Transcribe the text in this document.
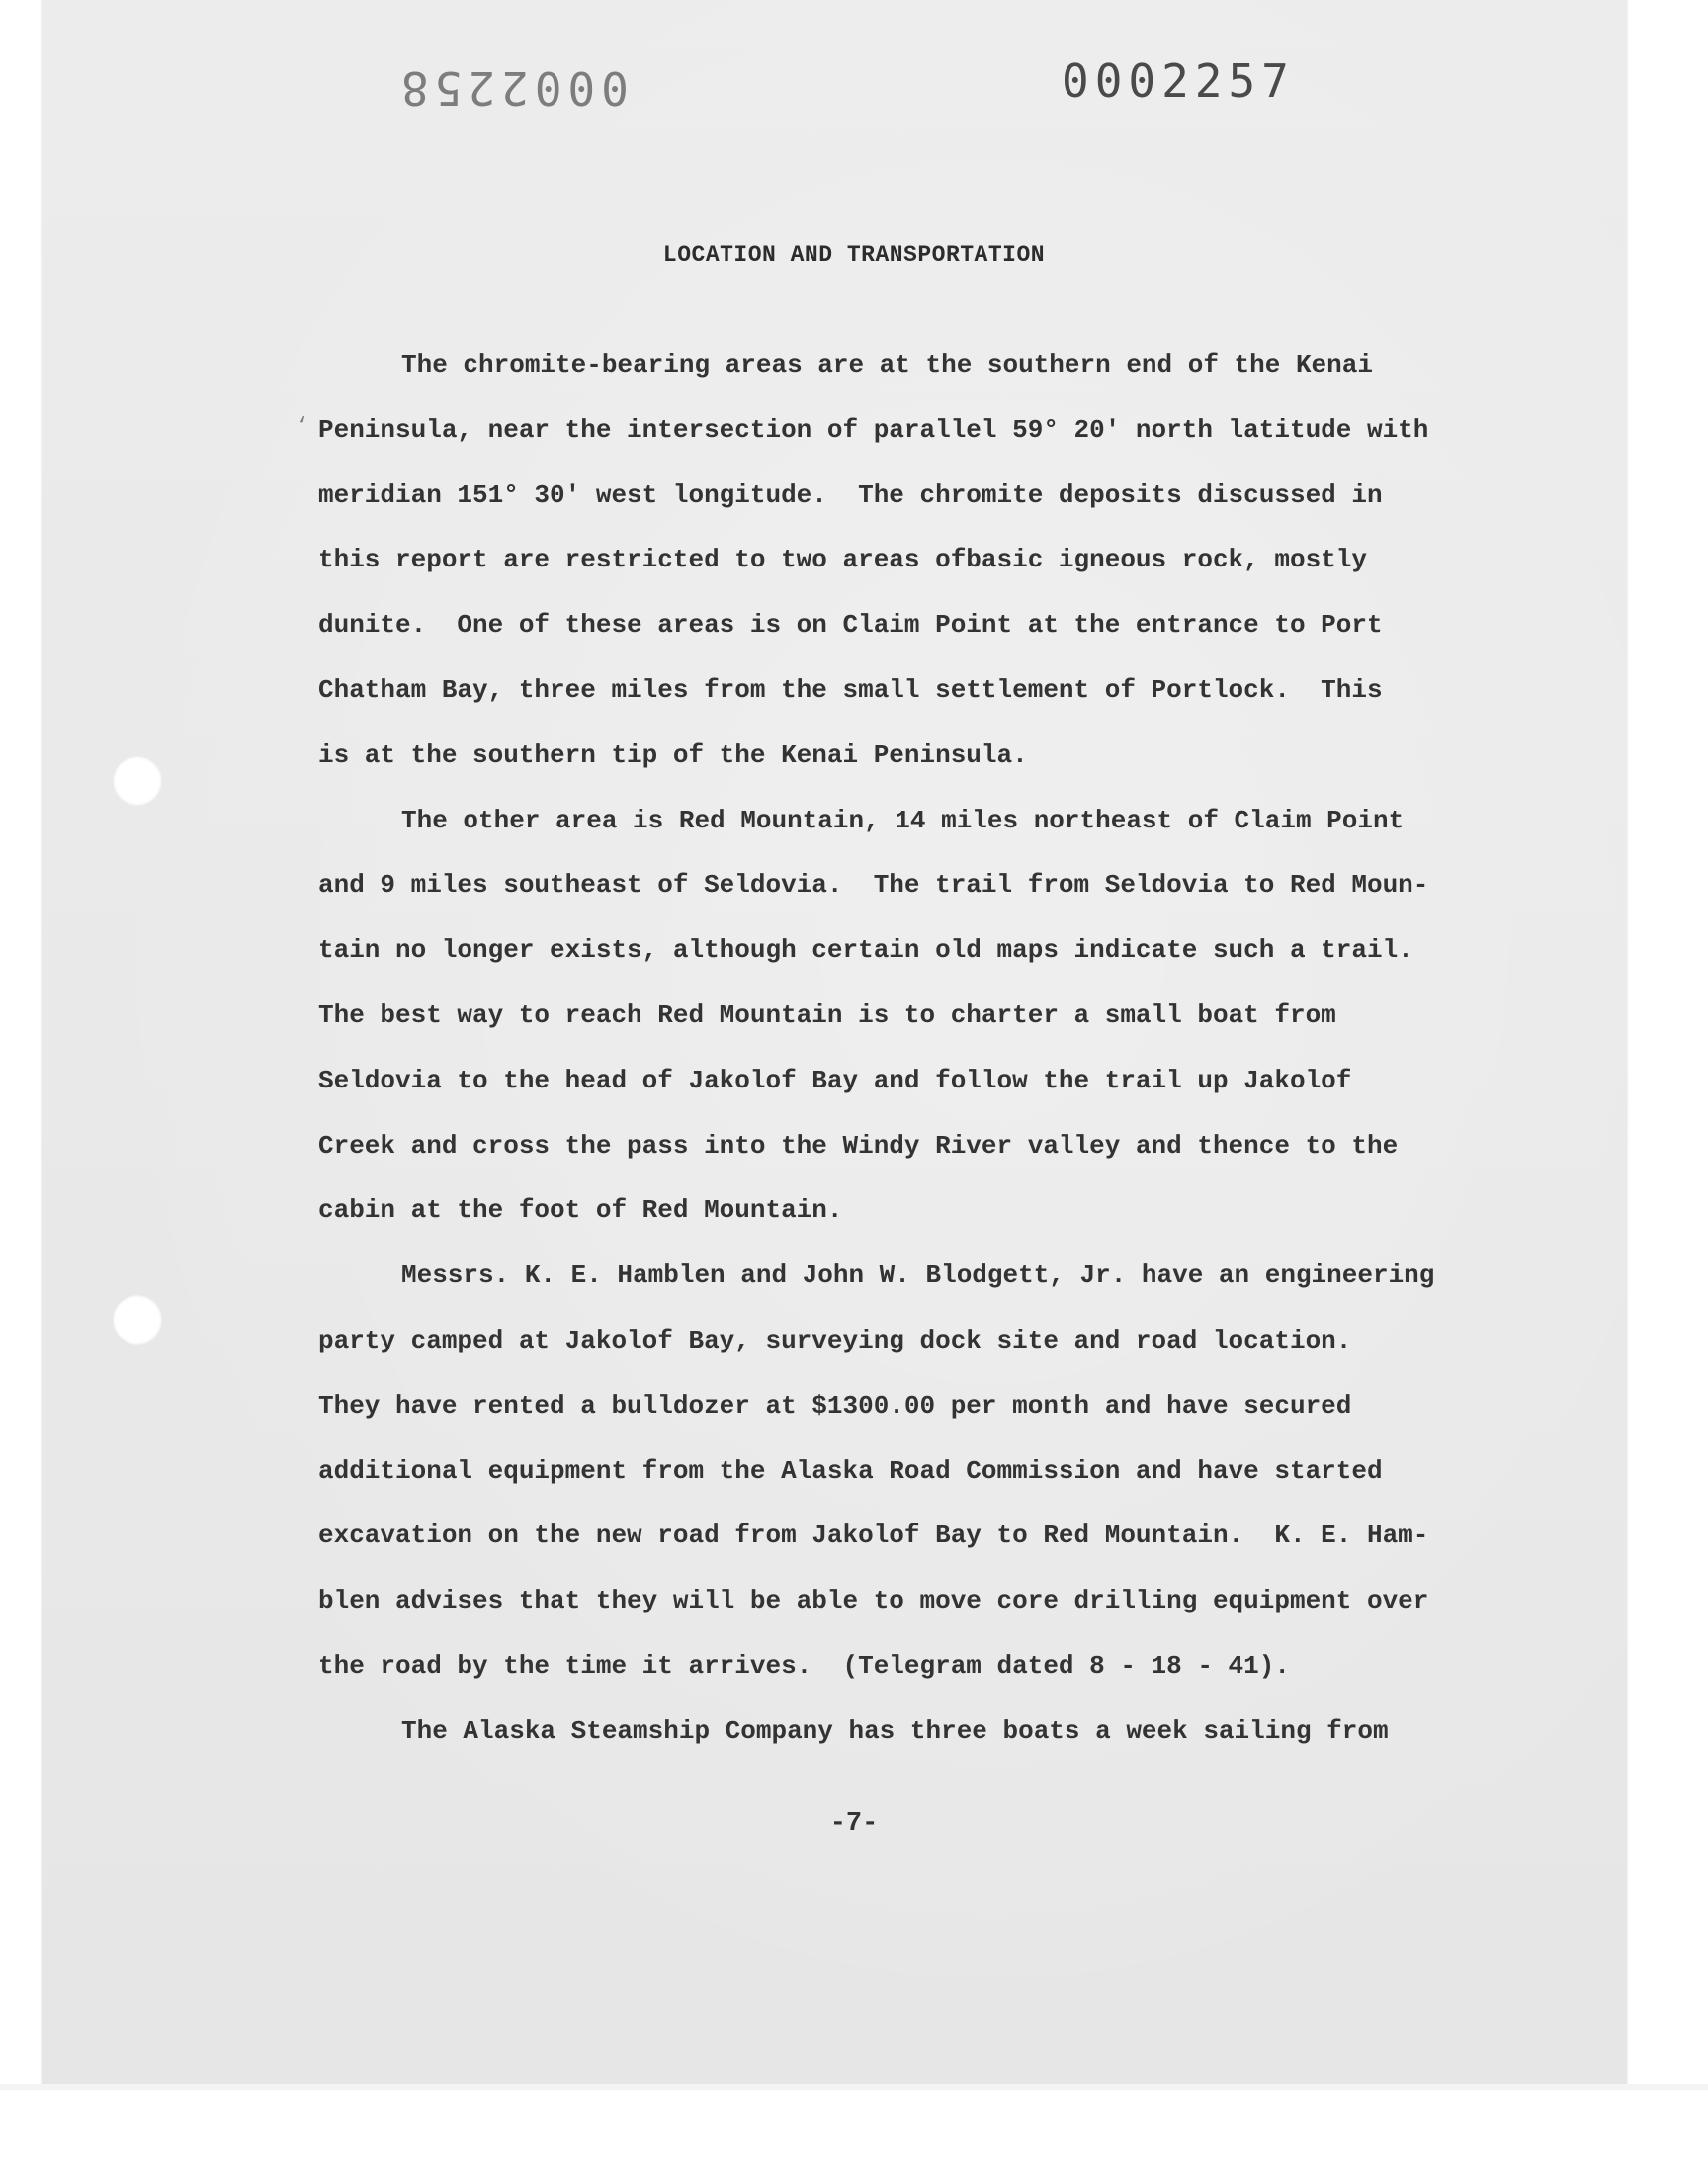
0002258	0002257
‘
LOCATION AND TRANSPORTATION
The chromite-bearing areas are at the southern end of the Kenai
Peninsula, near the intersection of parallel 59° 20' north latitude with
meridian 151° 30' west longitude.  The chromite deposits discussed in
this report are restricted to two areas ofbasic igneous rock, mostly
dunite.  One of these areas is on Claim Point at the entrance to Port
Chatham Bay, three miles from the small settlement of Portlock.  This
is at the southern tip of the Kenai Peninsula.
The other area is Red Mountain, 14 miles northeast of Claim Point
and 9 miles southeast of Seldovia.  The trail from Seldovia to Red Moun-
tain no longer exists, although certain old maps indicate such a trail.
The best way to reach Red Mountain is to charter a small boat from
Seldovia to the head of Jakolof Bay and follow the trail up Jakolof
Creek and cross the pass into the Windy River valley and thence to the
cabin at the foot of Red Mountain.
Messrs. K. E. Hamblen and John W. Blodgett, Jr. have an engineering
party camped at Jakolof Bay, surveying dock site and road location.
They have rented a bulldozer at $1300.00 per month and have secured
additional equipment from the Alaska Road Commission and have started
excavation on the new road from Jakolof Bay to Red Mountain.  K. E. Ham-
blen advises that they will be able to move core drilling equipment over
the road by the time it arrives.  (Telegram dated 8 - 18 - 41).
The Alaska Steamship Company has three boats a week sailing from
-7-
